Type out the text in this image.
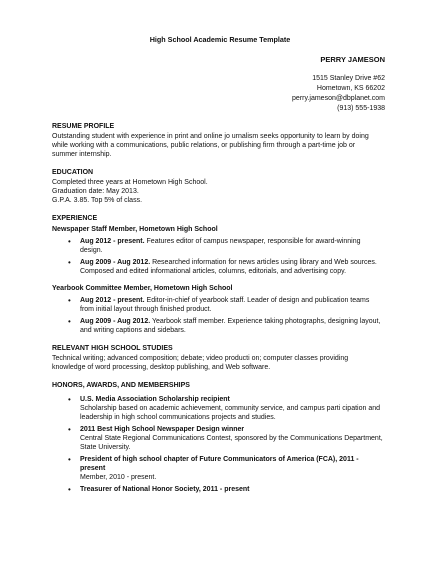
High School Academic Resume Template
PERRY JAMESON
1515 Stanley Drive #62
Hometown, KS 66202
perry.jameson@dbplanet.com
(913) 555-1938
RESUME PROFILE
Outstanding student with experience in print and online jo urnalism seeks opportunity to learn by doing
while working with a communications, public relations, or publishing firm through a part-time job or
summer internship.
EDUCATION
Completed three years at Hometown High School.
Graduation date: May 2013.
G.P.A. 3.85. Top 5% of class.
EXPERIENCE
Newspaper Staff Member, Hometown High School
• Aug 2012 - present. Features editor of campus newspaper, responsible for award-winning
design.
• Aug 2009 - Aug 2012. Researched information for news articles using library and Web sources.
Composed and edited informational articles, columns, editorials, and advertising copy.
Yearbook Committee Member, Hometown High School
• Aug 2012 - present. Editor-in-chief of yearbook staff. Leader of design and publication teams
from initial layout through finished product.
• Aug 2009 - Aug 2012. Yearbook staff member. Experience taking photographs, designing layout,
and writing captions and sidebars.
RELEVANT HIGH SCHOOL STUDIES
Technical writing; advanced composition; debate; video producti on; computer classes providing
knowledge of word processing, desktop publishing, and Web software.
HONORS, AWARDS, AND MEMBERSHIPS
• U.S. Media Association Scholarship recipient
Scholarship based on academic achievement, community service, and campus parti cipation and
leadership in high school communications projects and studies.
• 2011 Best High School Newspaper Design winner
Central State Regional Communications Contest, sponsored by the Communications Department,
State University.
• President of high school chapter of Future Communicators of America (FCA), 2011 -
present
Member, 2010 - present.
• Treasurer of National Honor Society, 2011 - present
